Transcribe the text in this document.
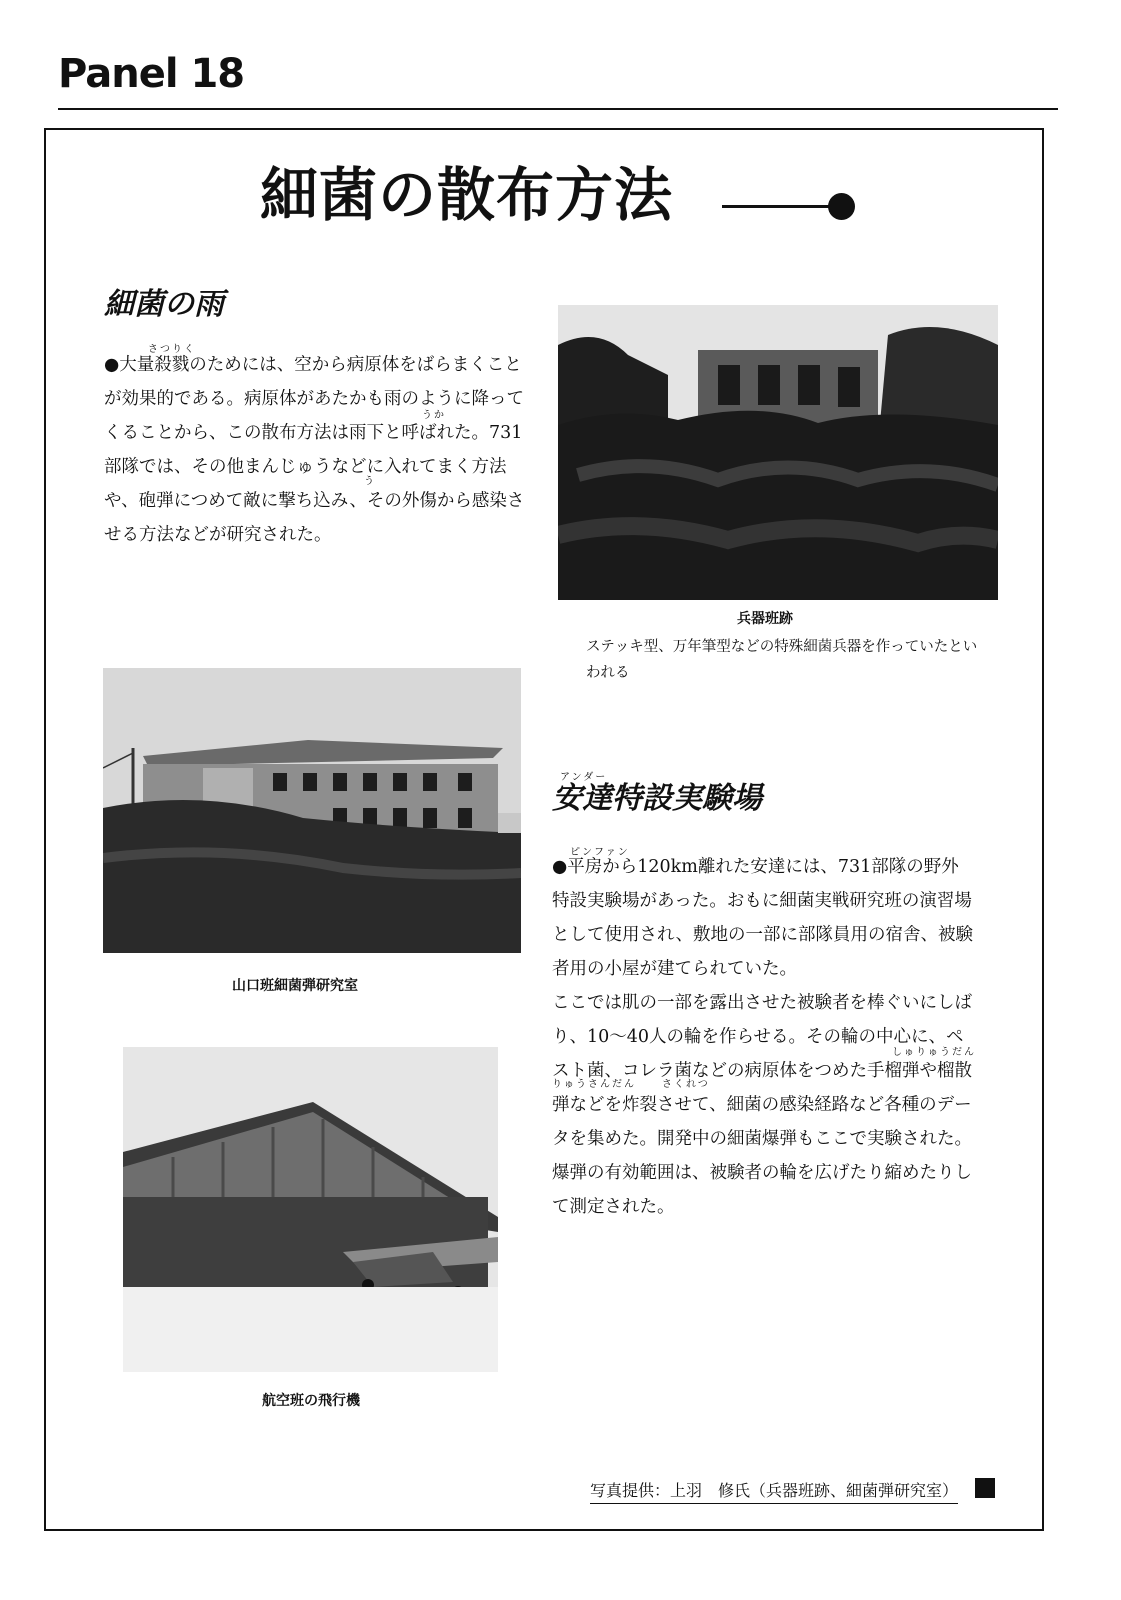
Panel 18
細菌の散布方法
細菌の雨
さつりく
うか
う

●大量殺戮のためには、空から病原体をばらまくことが効果的である。病原体があたかも雨のように降ってくることから、この散布方法は雨下と呼ばれた。731部隊では、その他まんじゅうなどに入れてまく方法や、砲弾につめて敵に撃ち込み、その外傷から感染させる方法などが研究された。

兵器班跡
ステッキ型、万年筆型などの特殊細菌兵器を作っていたといわれる
山口班細菌弾研究室
航空班の飛行機
アンダー
安達特設実験場
ピンファン
しゅりゅうだん
りゅうさんだん	さくれつ

●平房から120km離れた安達には、731部隊の野外特設実験場があった。おもに細菌実戦研究班の演習場として使用され、敷地の一部に部隊員用の宿舎、被験者用の小屋が建てられていた。

ここでは肌の一部を露出させた被験者を棒ぐいにしばり、10〜40人の輪を作らせる。その輪の中心に、ペスト菌、コレラ菌などの病原体をつめた手榴弾や榴散弾などを炸裂させて、細菌の感染経路など各種のデータを集めた。開発中の細菌爆弾もここで実験された。爆弾の有効範囲は、被験者の輪を広げたり縮めたりして測定された。

写真提供：上羽　修氏（兵器班跡、細菌弾研究室）
